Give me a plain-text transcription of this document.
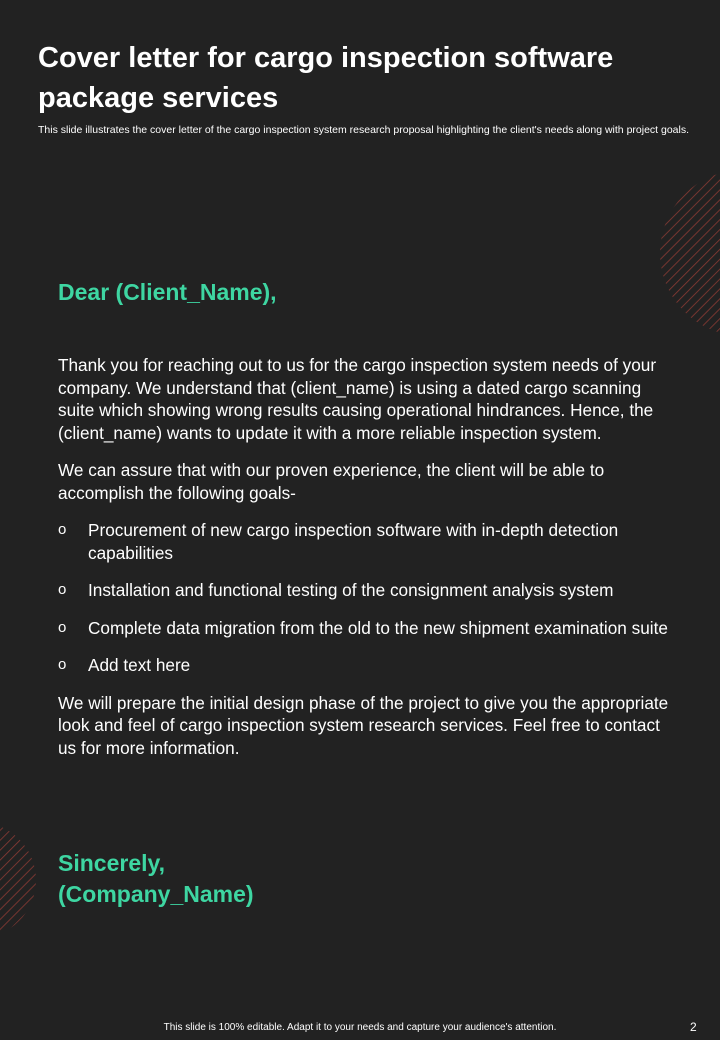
Cover letter for cargo inspection software package services

This slide illustrates the cover letter of the cargo inspection system research proposal highlighting the client's needs along with project goals.

Dear (Client_Name),

Thank you for reaching out to us for the cargo inspection system needs of your company. We understand that (client_name) is using a dated cargo scanning suite which showing wrong results causing operational hindrances. Hence, the (client_name) wants to update it with a more reliable inspection system.

We can assure that with our proven experience, the client will be able to accomplish the following goals-

o Procurement of new cargo inspection software with in-depth detection capabilities
o Installation and functional testing of the consignment analysis system
o Complete data migration from the old to the new shipment examination suite
o Add text here

We will prepare the initial design phase of the project to give you the appropriate look and feel of cargo inspection system research services. Feel free to contact us for more information.

Sincerely,
(Company_Name)
This slide is 100% editable. Adapt it to your needs and capture your audience's attention.	2
